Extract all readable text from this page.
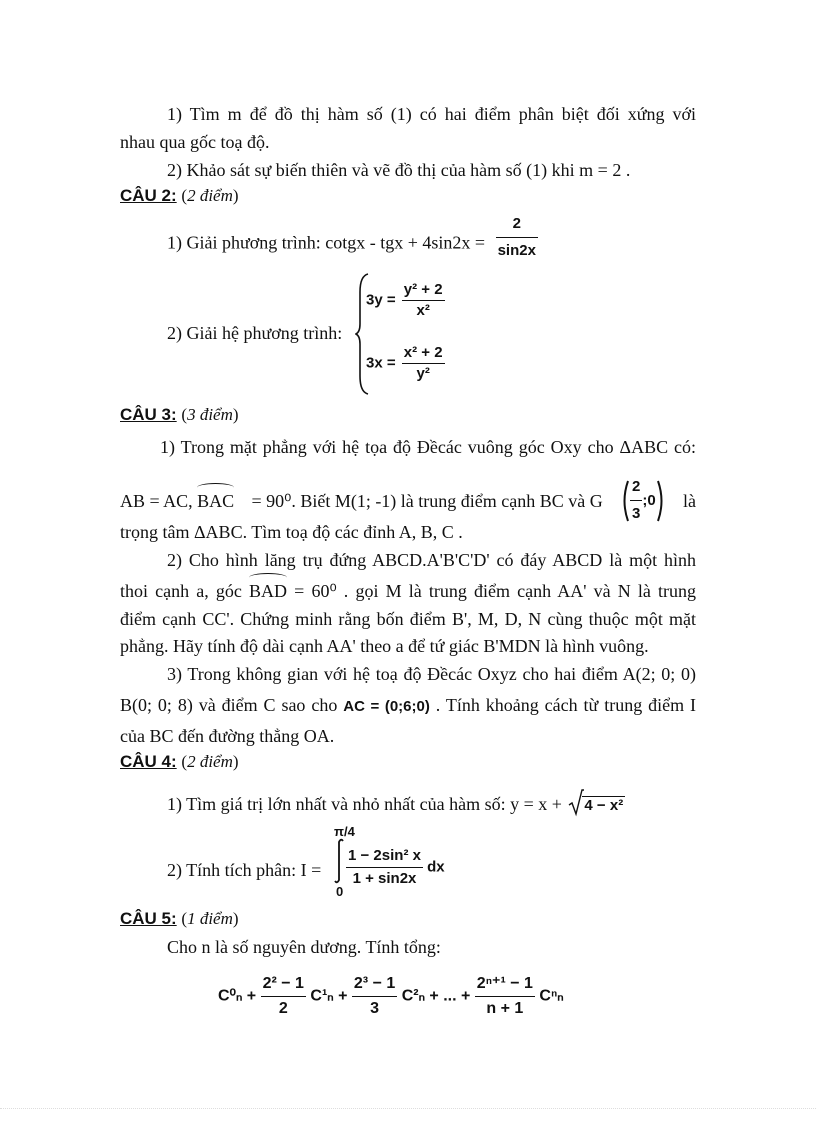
1) Tìm m để đồ thị hàm số (1) có hai điểm phân biệt đối xứng với
nhau qua gốc toạ độ.
2) Khảo sát sự biến thiên và vẽ đồ thị của hàm số (1) khi m = 2 .
CÂU 2: (2 điểm)
1) Giải phương trình: cotgx - tgx + $4\sin 2x = \frac{2}{\sin 2x}$
2) Giải hệ phương trình:
$3y = \frac{\text{y² + 2}}{\text{x²}}$
$3x = \frac{\text{x² + 2}}{\text{y²}}$
CÂU 3: (3 điểm)
1) Trong mặt phẳng với hệ tọa độ Đềcác vuông góc Oxy cho ΔABC có:
AB = AC, BAC = 90⁰. Biết M(1; -1) là trung điểm cạnh BC và G $\frac{2}{3}$ ;0 là
trọng tâm ΔABC. Tìm toạ độ các đỉnh A, B, C .
2) Cho hình lăng trụ đứng ABCD.A'B'C'D' có đáy ABCD là một hình
thoi cạnh a, góc BAD = 60⁰ . gọi M là trung điểm cạnh AA' và N là trung
điểm cạnh CC'. Chứng minh rằng bốn điểm B', M, D, N cùng thuộc một mặt
phẳng. Hãy tính độ dài cạnh AA' theo a để tứ giác B'MDN là hình vuông.
3) Trong không gian với hệ toạ độ Đềcác Oxyz cho hai điểm A(2; 0; 0)
B(0; 0; 8) và điểm C sao cho AC = (0;6;0) . Tính khoảng cách từ trung điểm I
của BC đến đường thẳng OA.
CÂU 4: (2 điểm)
1) Tìm giá trị lớn nhất và nhỏ nhất của hàm số: y = x + 4 − x²
2) Tính tích phân: I =
π/4
0
$\frac{\text{1 − 2sin² x}}{1 + \sin 2x}$ dx
CÂU 5: (1 điểm)
Cho n là số nguyên dương. Tính tổng:
$C^0_n + \frac{\text{2² − 1}}{2} C^1_n + \frac{\text{2³ − 1}}{3} C^2_n$ + ... + $\frac{\text{2ⁿ⁺¹ − 1}}{n + 1}$ Cⁿₙ
